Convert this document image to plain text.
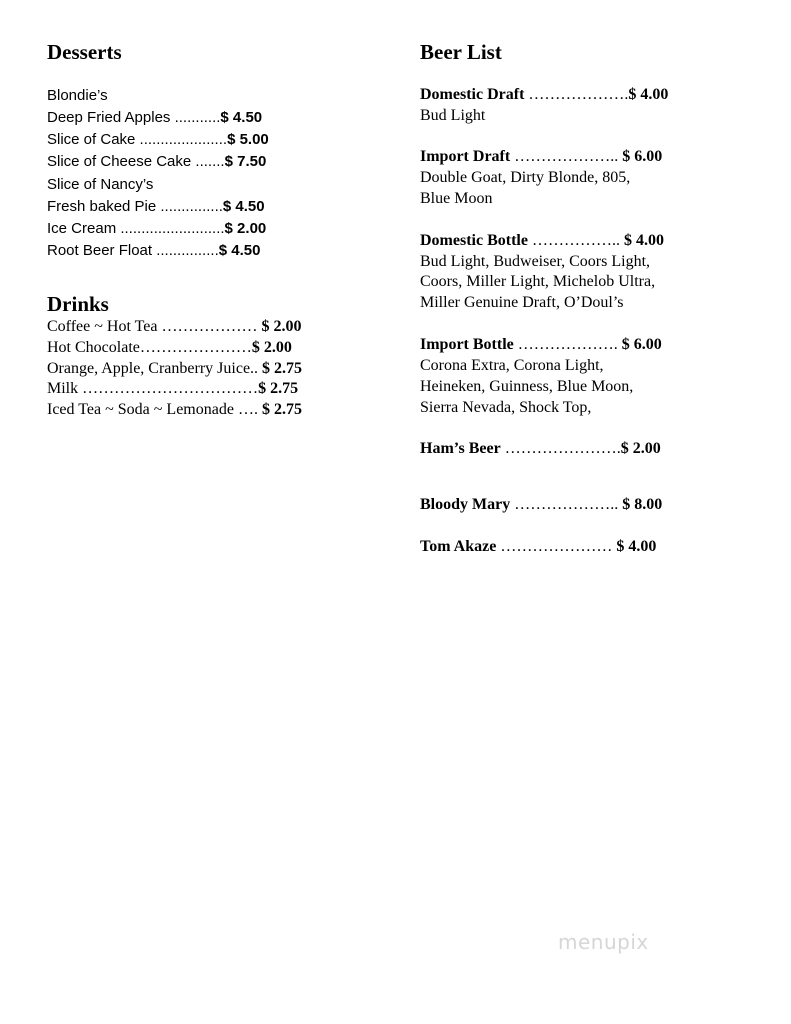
Desserts
Blondie’s
Deep Fried Apples ...........$ 4.50
Slice of Cake .....................$ 5.00
Slice of Cheese Cake .......$ 7.50
Slice of Nancy’s
Fresh baked Pie ...............$ 4.50
Ice Cream .........................$ 2.00
Root Beer Float ...............$ 4.50
Drinks
Coffee ~ Hot Tea ……………… $ 2.00
Hot Chocolate…………………$ 2.00
Orange, Apple, Cranberry Juice.. $ 2.75
Milk ……………………………$ 2.75
Iced Tea ~ Soda ~ Lemonade …. $ 2.75
Beer List
Domestic Draft ……………….$ 4.00
Bud Light
Import Draft ……………….. $ 6.00
Double Goat, Dirty Blonde, 805,
Blue Moon
Domestic Bottle …………….. $ 4.00
Bud Light, Budweiser, Coors Light,
Coors, Miller Light, Michelob Ultra,
Miller Genuine Draft, O’Doul’s
Import Bottle ………………. $ 6.00
Corona Extra, Corona Light,
Heineken, Guinness, Blue Moon,
Sierra Nevada, Shock Top,
Ham’s Beer ………………….$ 2.00
Bloody Mary ……………….. $ 8.00
Tom Akaze ………………… $ 4.00
menupix
